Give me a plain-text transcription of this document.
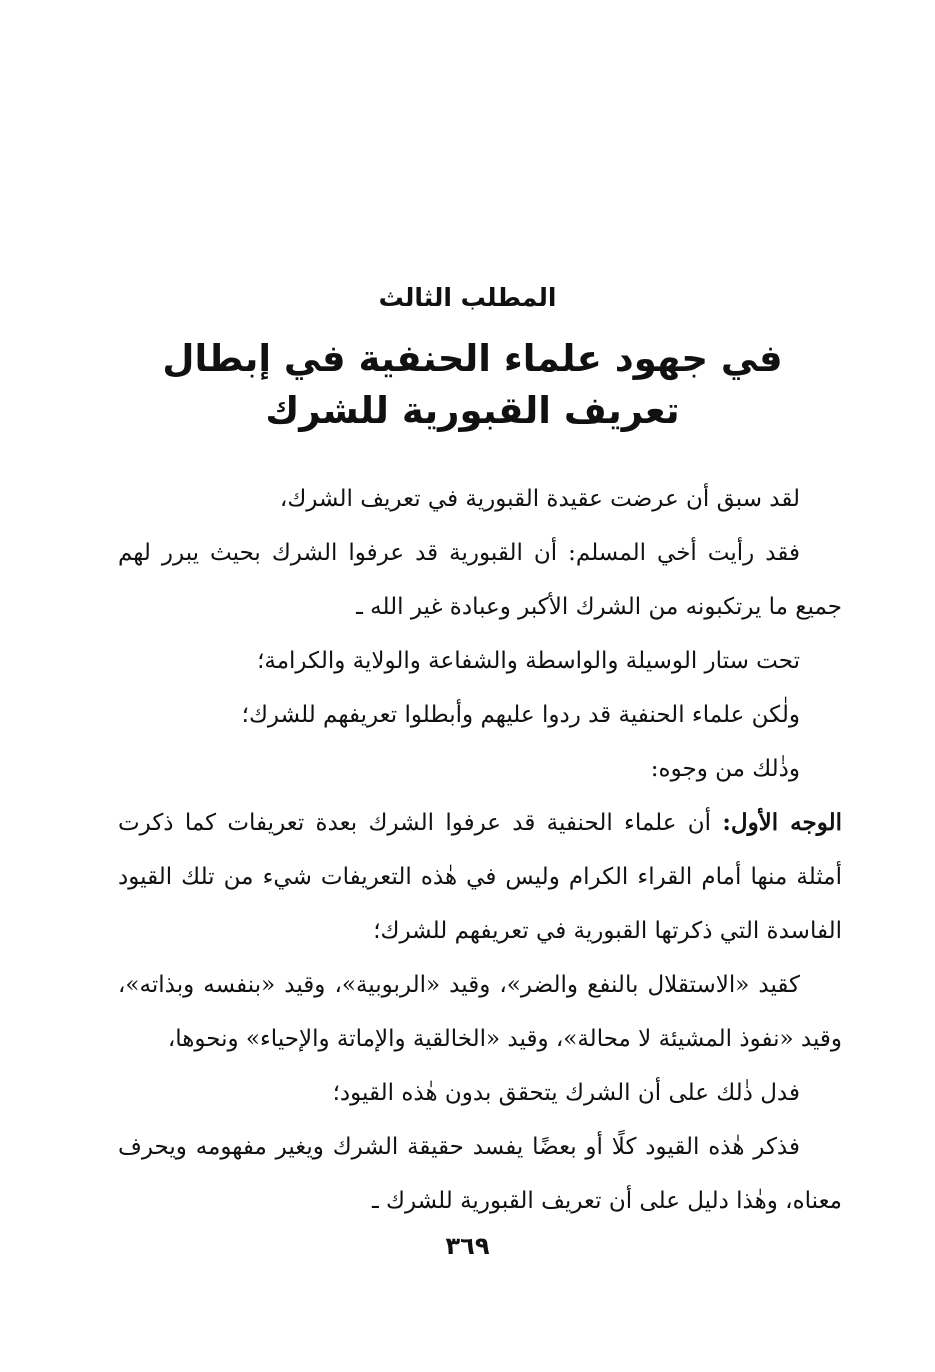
المطلب الثالث
في جهود علماء الحنفية في إبطال تعريف القبورية للشرك

لقد سبق أن عرضت عقيدة القبورية في تعريف الشرك،

فقد رأيت أخي المسلم: أن القبورية قد عرفوا الشرك بحيث يبرر لهم جميع ما يرتكبونه من الشرك الأكبر وعبادة غير الله ـ

تحت ستار الوسيلة والواسطة والشفاعة والولاية والكرامة؛

ولٰكن علماء الحنفية قد ردوا عليهم وأبطلوا تعريفهم للشرك؛

وذٰلك من وجوه:

الوجه الأول: أن علماء الحنفية قد عرفوا الشرك بعدة تعريفات كما ذكرت أمثلة منها أمام القراء الكرام وليس في هٰذه التعريفات شيء من تلك القيود الفاسدة التي ذكرتها القبورية في تعريفهم للشرك؛

كقيد «الاستقلال بالنفع والضر»، وقيد «الربوبية»، وقيد «بنفسه وبذاته»، وقيد «نفوذ المشيئة لا محالة»، وقيد «الخالقية والإماتة والإحياء» ونحوها،

فدل ذٰلك على أن الشرك يتحقق بدون هٰذه القيود؛

فذكر هٰذه القيود كلًا أو بعضًا يفسد حقيقة الشرك ويغير مفهومه ويحرف معناه، وهٰذا دليل على أن تعريف القبورية للشرك ـ

٣٦٩
